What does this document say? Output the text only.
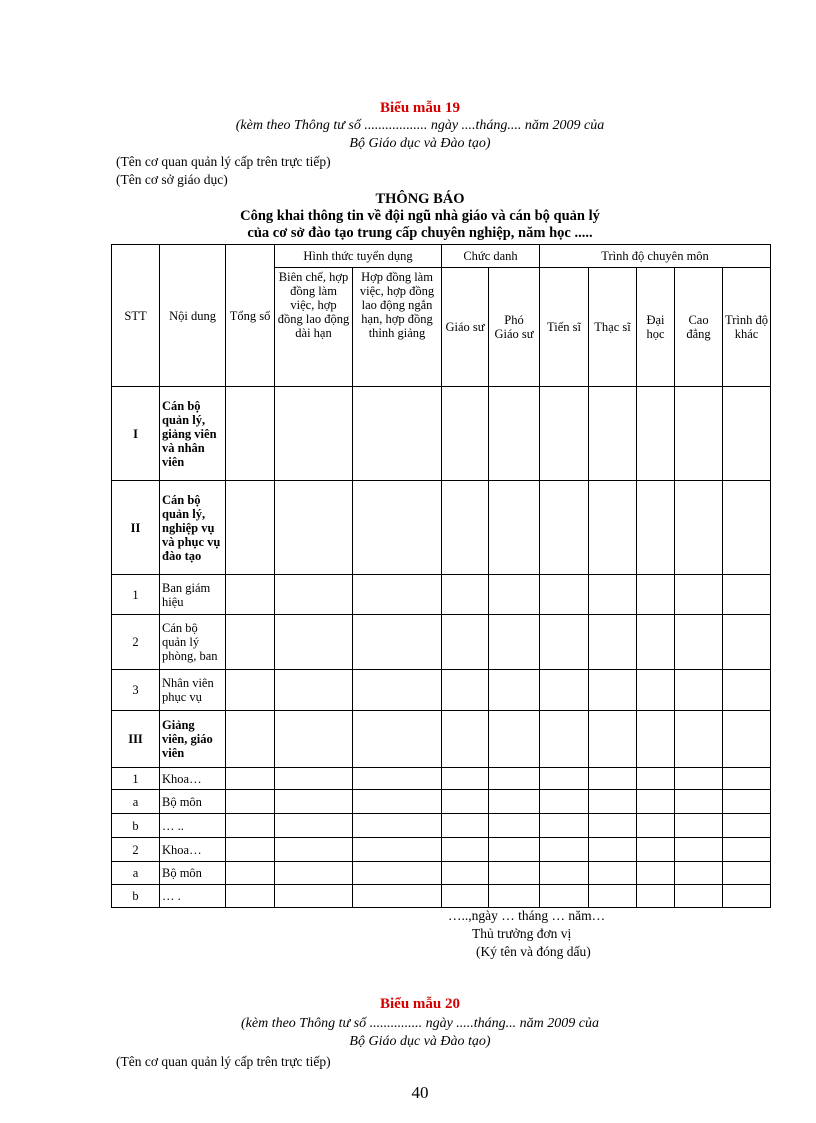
Biểu mẫu 19
(kèm theo Thông tư số .................. ngày ....tháng.... năm 2009 của
Bộ Giáo dục và Đào tạo)
(Tên cơ quan quản lý cấp trên trực tiếp)
(Tên cơ sở giáo dục)
THÔNG BÁO
Công khai thông tin về đội ngũ nhà giáo và cán bộ quản lý
của cơ sở đào tạo trung cấp chuyên nghiệp, năm học .....
STT	Nội dung	Tổng số	Hình thức tuyển dụng		Chức danh		Trình độ chuyên môn				
			Biên chế, hợp đồng làm việc, hợp đồng lao động dài hạn	Hợp đồng làm việc, hợp đồng lao động ngắn hạn, hợp đồng thỉnh giảng	Giáo sư	Phó Giáo sư	Tiến sĩ	Thạc sĩ	Đại học	Cao đẳng	Trình độ khác
I	Cán bộ quản lý, giảng viên và nhân viên										
II	Cán bộ quản lý, nghiệp vụ và phục vụ đào tạo										
1	Ban giám hiệu										
2	Cán bộ quản lý phòng, ban										
3	Nhân viên phục vụ										
III	Giảng viên, giáo viên										
1	Khoa…										
a	Bộ môn										
b	… ..										
2	Khoa…										
a	Bộ môn										
b	… .										
…..,ngày … tháng … năm…
Thủ trưởng đơn vị
(Ký tên và đóng dấu)
Biểu mẫu 20
(kèm theo Thông tư số ............... ngày .....tháng... năm 2009 của
Bộ Giáo dục và Đào tạo)
(Tên cơ quan quản lý cấp trên trực tiếp)
40
